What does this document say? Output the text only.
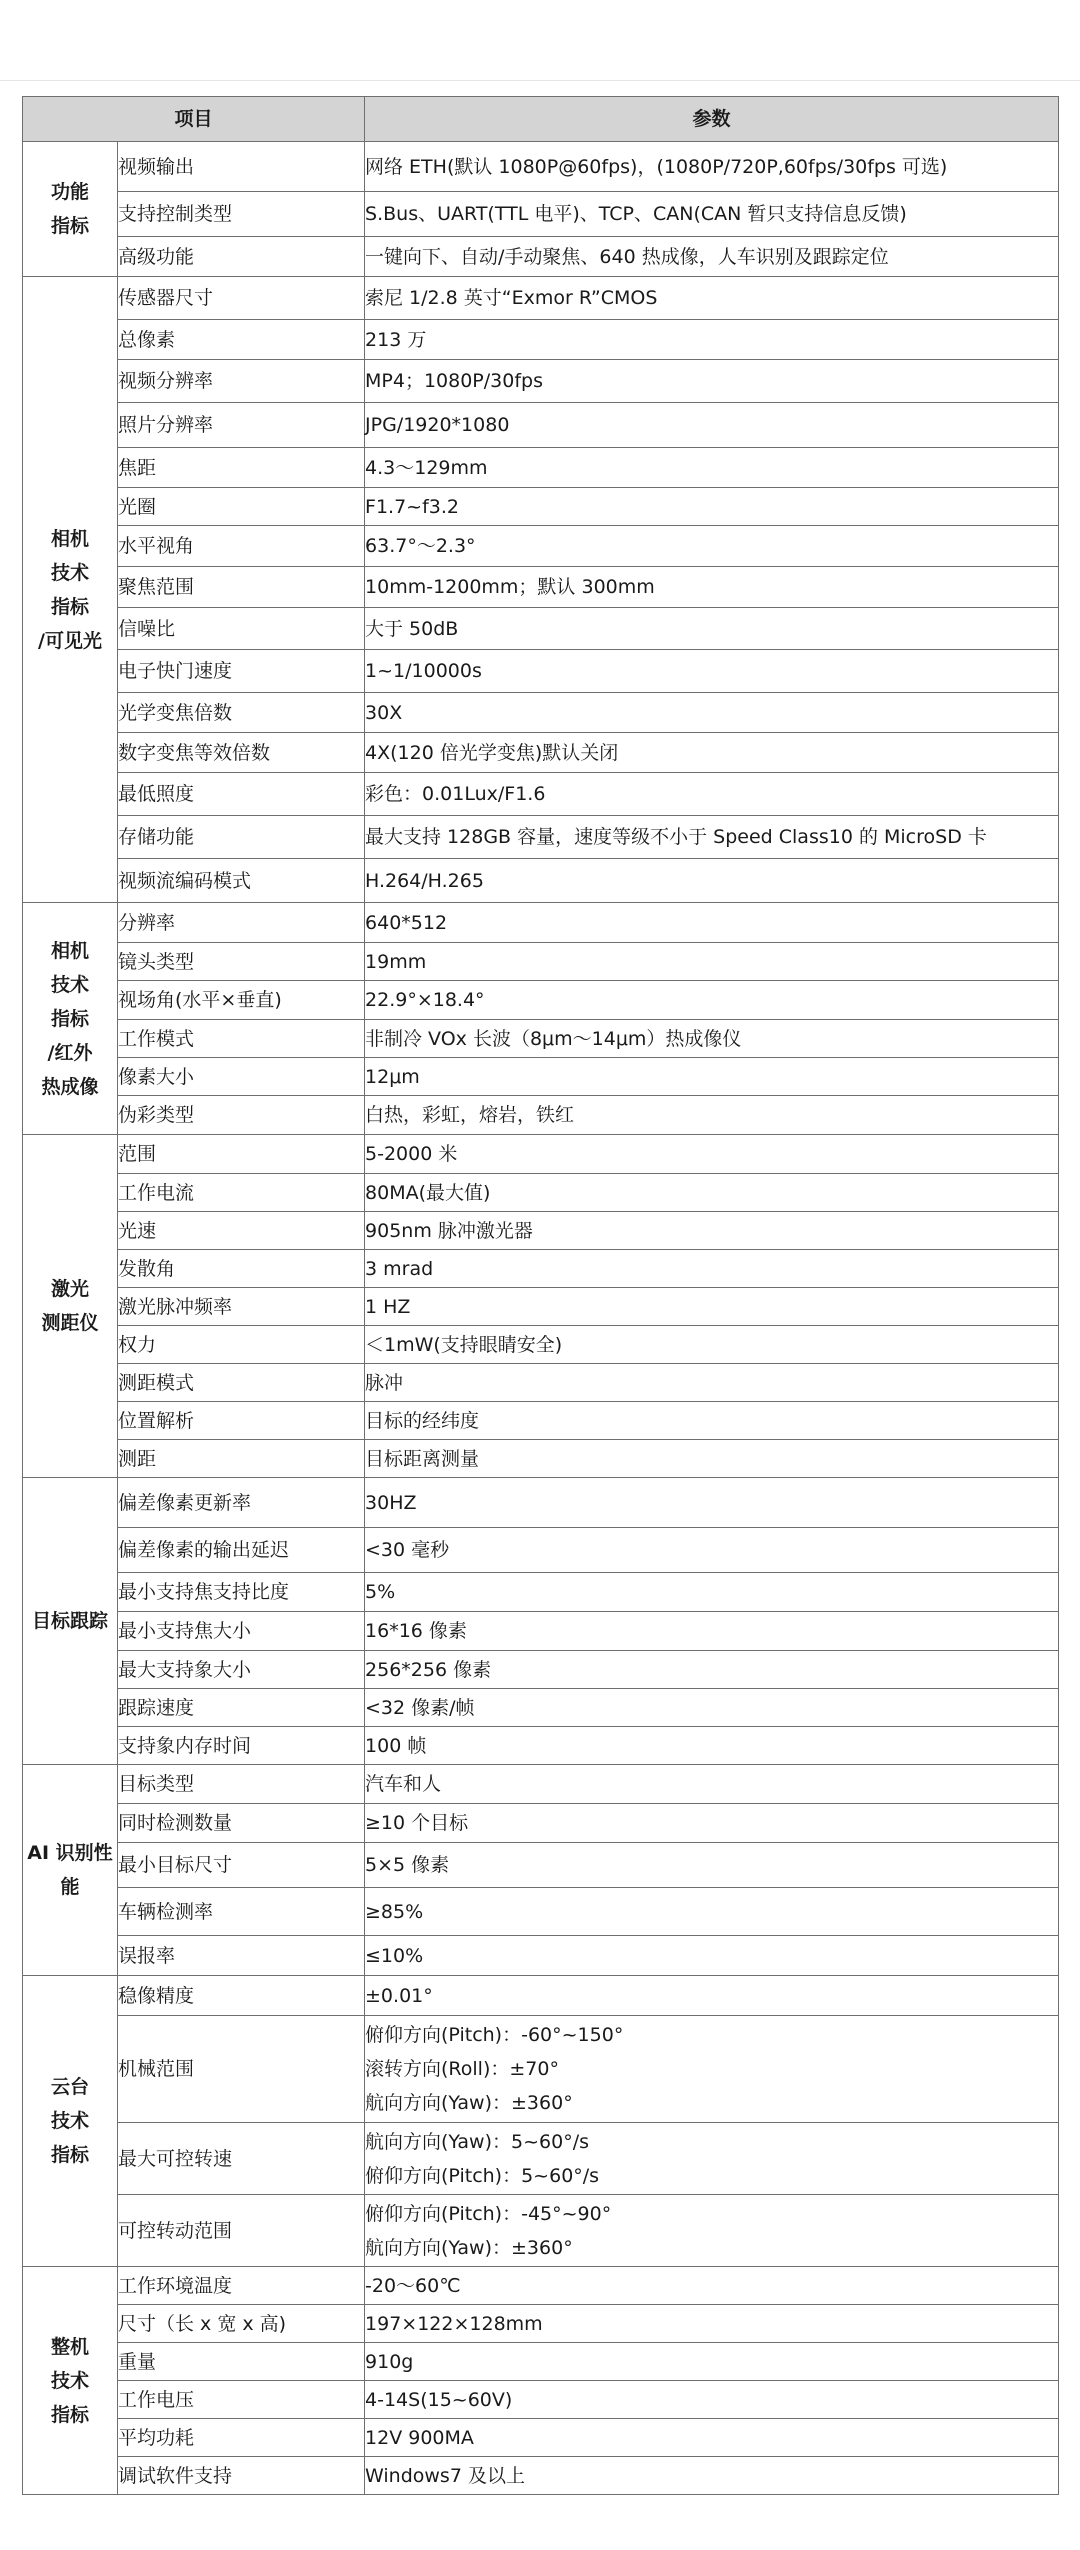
项目		参数
功能
指标	视频输出	网络 ETH(默认 1080P@60fps)，(1080P/720P,60fps/30fps 可选)
	支持控制类型	S.Bus、UART(TTL 电平)、TCP、CAN(CAN 暂只支持信息反馈)
	高级功能	一键向下、自动/手动聚焦、640 热成像，人车识别及跟踪定位
相机
技术
指标
/可见光	传感器尺寸	索尼 1/2.8 英寸“Exmor R”CMOS
	总像素	213 万
	视频分辨率	MP4；1080P/30fps
	照片分辨率	JPG/1920*1080
	焦距	4.3～129mm
	光圈	F1.7~f3.2
	水平视角	63.7°～2.3°
	聚焦范围	10mm-1200mm；默认 300mm
	信噪比	大于 50dB
	电子快门速度	1~1/10000s
	光学变焦倍数	30X
	数字变焦等效倍数	4X(120 倍光学变焦)默认关闭
	最低照度	彩色：0.01Lux/F1.6
	存储功能	最大支持 128GB 容量，速度等级不小于 Speed Class10 的 MicroSD 卡
	视频流编码模式	H.264/H.265
相机
技术
指标
/红外
热成像	分辨率	640*512
	镜头类型	19mm
	视场角(水平×垂直)	22.9°×18.4°
	工作模式	非制冷 VOx 长波（8μm～14μm）热成像仪
	像素大小	12μm
	伪彩类型	白热，彩虹，熔岩，铁红
激光
测距仪	范围	5-2000 米
	工作电流	80MA(最大值)
	光速	905nm 脉冲激光器
	发散角	3 mrad
	激光脉冲频率	1 HZ
	权力	＜1mW(支持眼睛安全)
	测距模式	脉冲
	位置解析	目标的经纬度
	测距	目标距离测量
目标跟踪	偏差像素更新率	30HZ
	偏差像素的输出延迟	<30 毫秒
	最小支持焦支持比度	5%
	最小支持焦大小	16*16 像素
	最大支持象大小	256*256 像素
	跟踪速度	<32 像素/帧
	支持象内存时间	100 帧
AI 识别性
能	目标类型	汽车和人
	同时检测数量	≥10 个目标
	最小目标尺寸	5×5 像素
	车辆检测率	≥85%
	误报率	≤10%
云台
技术
指标	稳像精度	±0.01°
	机械范围	俯仰方向(Pitch)：-60°~150°
滚转方向(Roll)：±70°
航向方向(Yaw)：±360°
	最大可控转速	航向方向(Yaw)：5~60°/s
俯仰方向(Pitch)：5~60°/s
	可控转动范围	俯仰方向(Pitch)：-45°~90°
航向方向(Yaw)：±360°
整机
技术
指标	工作环境温度	-20～60℃
	尺寸（长 x 宽 x 高)	197×122×128mm
	重量	910g
	工作电压	4-14S(15~60V)
	平均功耗	12V 900MA
	调试软件支持	Windows7 及以上
